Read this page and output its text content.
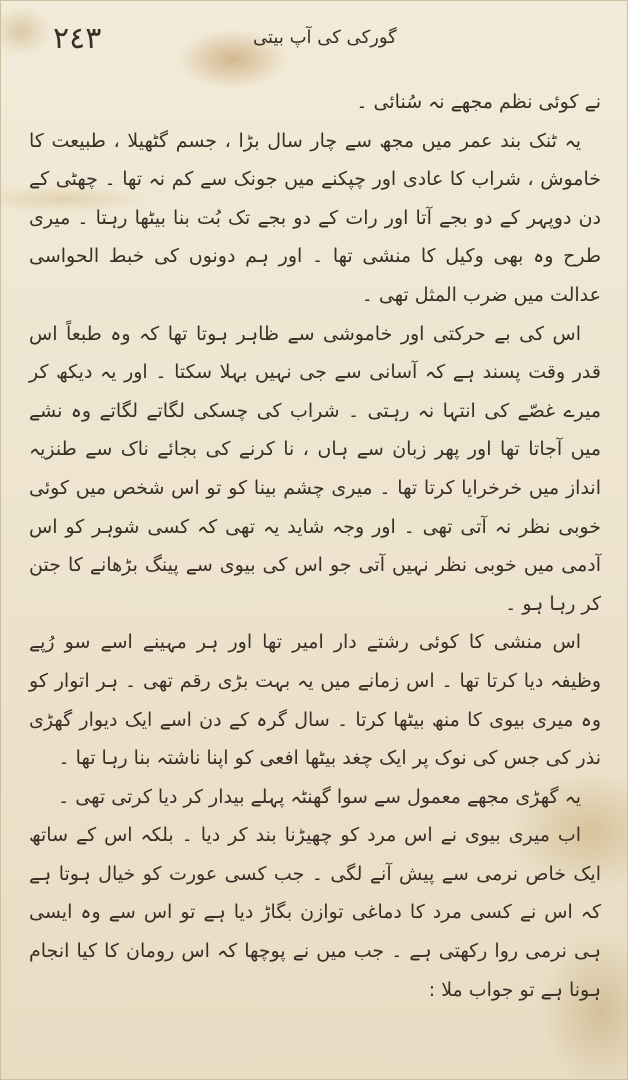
٢٤٣	گورکی کی آپ بیتی

نے کوئی نظم مجھے نہ سُنائی ۔

یہ ٹنک بند عمر میں مجھ سے چار سال بڑا ، جسم گٹھیلا ، طبیعت کا خاموش ، شراب کا عادی اور چپکنے میں جونک سے کم نہ تھا ۔ چھٹی کے دن دوپہر کے دو بجے آتا اور رات کے دو بجے تک بُت بنا بیٹھا رہتا ۔ میری طرح وہ بھی وکیل کا منشی تھا ۔ اور ہم دونوں کی خبط الحواسی عدالت میں ضرب المثل تھی ۔

اس کی بے حرکتی اور خاموشی سے ظاہر ہوتا تھا کہ وہ طبعاً اس قدر وقت پسند ہے کہ آسانی سے جی نہیں بہلا سکتا ۔ اور یہ دیکھ کر میرے غصّے کی انتہا نہ رہتی ۔ شراب کی چسکی لگاتے لگاتے وہ نشے میں آجاتا تھا اور پھر زبان سے ہاں ، نا کرنے کی بجائے ناک سے طنزیہ انداز میں خرخرایا کرتا تھا ۔ میری چشم بینا کو تو اس شخص میں کوئی خوبی نظر نہ آتی تھی ۔ اور وجہ شاید یہ تھی کہ کسی شوہر کو اس آدمی میں خوبی نظر نہیں آتی جو اس کی بیوی سے پینگ بڑھانے کا جتن کر رہا ہو ۔

اس منشی کا کوئی رشتے دار امیر تھا اور ہر مہینے اسے سو رُپے وظیفہ دیا کرتا تھا ۔ اس زمانے میں یہ بہت بڑی رقم تھی ۔ ہر اتوار کو وہ میری بیوی کا منھ بیٹھا کرتا ۔ سال گرہ کے دن اسے ایک دیوار گھڑی نذر کی جس کی نوک پر ایک چغد بیٹھا افعی کو اپنا ناشتہ بنا رہا تھا ۔

یہ گھڑی مجھے معمول سے سوا گھنٹہ پہلے بیدار کر دیا کرتی تھی ۔

اب میری بیوی نے اس مرد کو چھیڑنا بند کر دیا ۔ بلکہ اس کے ساتھ ایک خاص نرمی سے پیش آنے لگی ۔ جب کسی عورت کو خیال ہوتا ہے کہ اس نے کسی مرد کا دماغی توازن بگاڑ دیا ہے تو اس سے وہ ایسی ہی نرمی روا رکھتی ہے ۔ جب میں نے پوچھا کہ اس رومان کا کیا انجام ہونا ہے تو جواب ملا :
